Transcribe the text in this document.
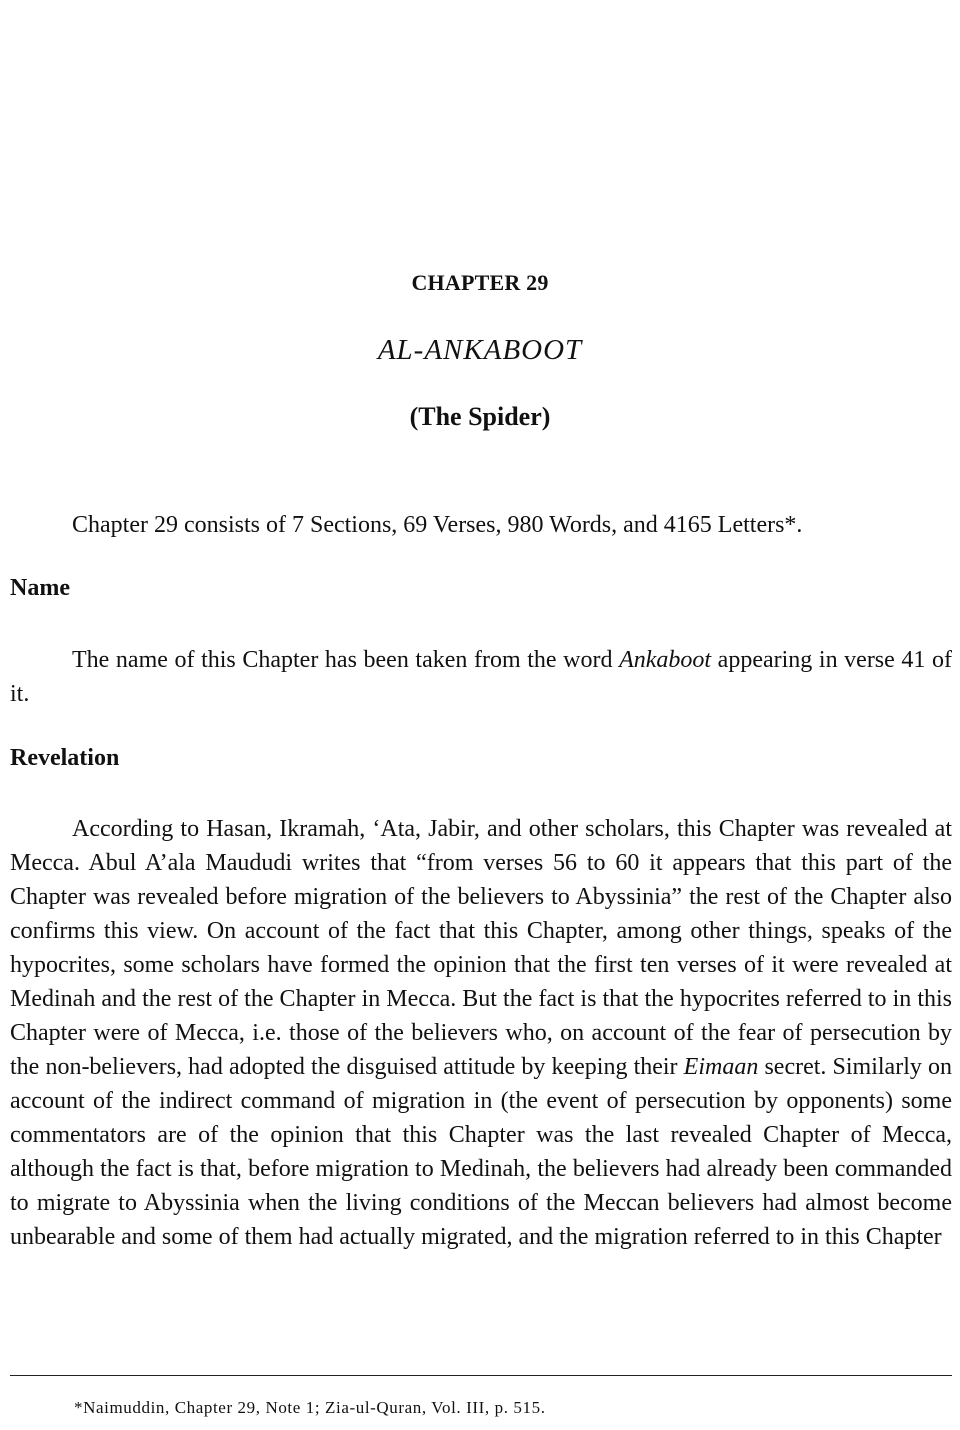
CHAPTER 29
AL-ANKABOOT
(The Spider)
Chapter 29 consists of 7 Sections, 69 Verses, 980 Words, and 4165 Letters*.
Name

The name of this Chapter has been taken from the word Ankaboot appearing in verse 41 of it.

Revelation

According to Hasan, Ikramah, ‘Ata, Jabir, and other scholars, this Chapter was revealed at Mecca. Abul A’ala Maududi writes that “from verses 56 to 60 it appears that this part of the Chapter was revealed before migration of the believers to Abyssinia” the rest of the Chapter also confirms this view. On account of the fact that this Chapter, among other things, speaks of the hypocrites, some scholars have formed the opinion that the first ten verses of it were revealed at Medinah and the rest of the Chapter in Mecca. But the fact is that the hypocrites referred to in this Chapter were of Mecca, i.e. those of the believers who, on account of the fear of persecution by the non-believers, had adopted the disguised attitude by keeping their Eimaan secret. Similarly on account of the indirect command of migration in (the event of persecution by opponents) some commentators are of the opinion that this Chapter was the last revealed Chapter of Mecca, although the fact is that, before migration to Medinah, the believers had already been commanded to migrate to Abyssinia when the living conditions of the Meccan believers had almost become unbearable and some of them had actually migrated, and the migration referred to in this Chapter

*Naimuddin, Chapter 29, Note 1; Zia-ul-Quran, Vol. III, p. 515.
